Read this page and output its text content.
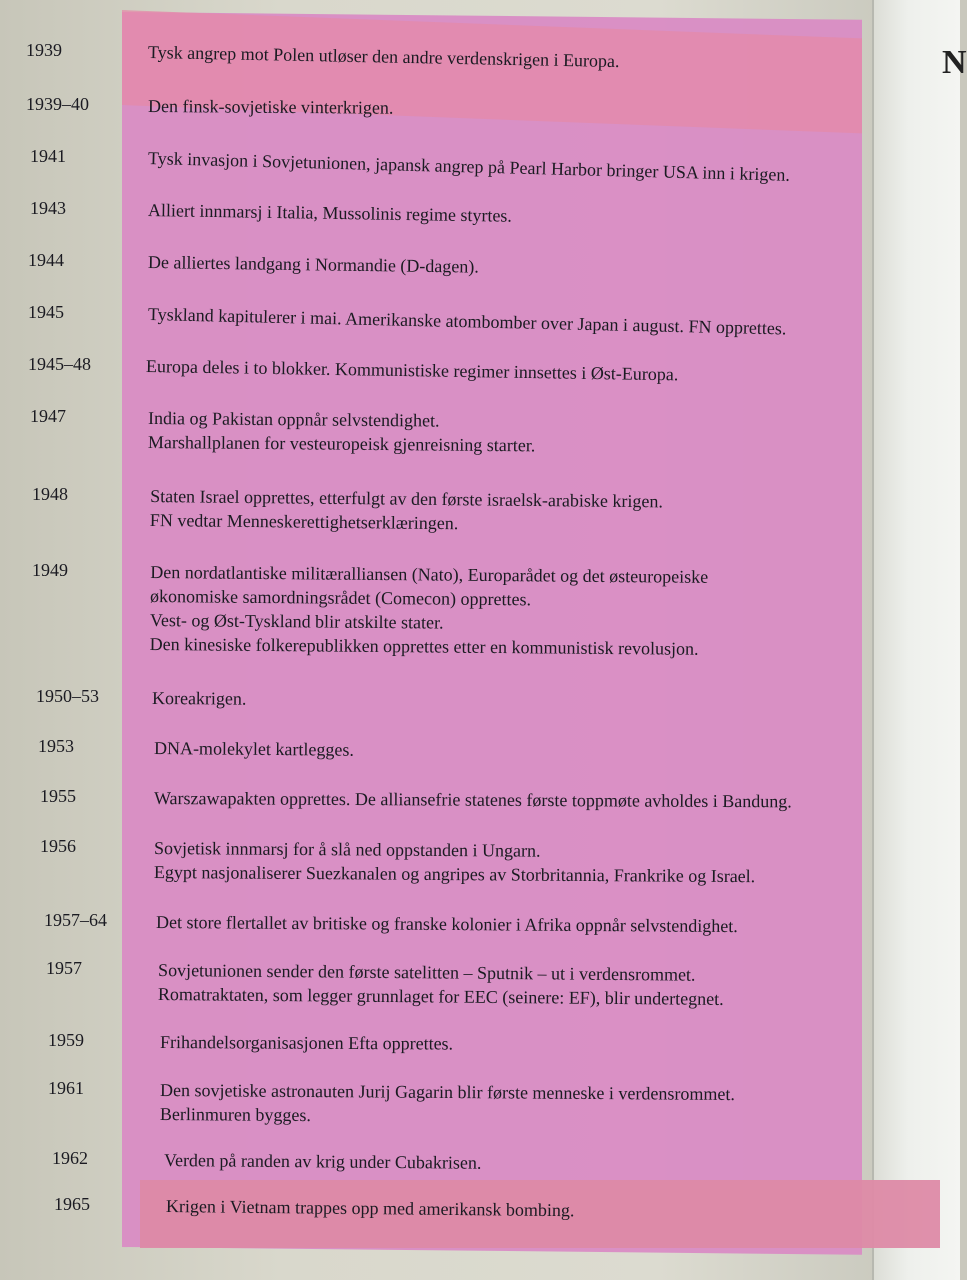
N
1939	Tysk angrep mot Polen utløser den andre verdenskrigen i Europa.
1939–40	Den finsk-sovjetiske vinterkrigen.
1941	Tysk invasjon i Sovjetunionen, japansk angrep på Pearl Harbor bringer USA inn i krigen.
1943	Alliert innmarsj i Italia, Mussolinis regime styrtes.
1944	De alliertes landgang i Normandie (D-dagen).
1945	Tyskland kapitulerer i mai. Amerikanske atombomber over Japan i august. FN opprettes.
1945–48	Europa deles i to blokker. Kommunistiske regimer innsettes i Øst-Europa.
1947	India og Pakistan oppnår selvstendighet.
Marshallplanen for vesteuropeisk gjenreisning starter.
1948	Staten Israel opprettes, etterfulgt av den første israelsk-arabiske krigen.
FN vedtar Menneskerettighetserklæringen.
1949	Den nordatlantiske militæralliansen (Nato), Europarådet og det østeuropeiske
økonomiske samordningsrådet (Comecon) opprettes.
Vest- og Øst-Tyskland blir atskilte stater.
Den kinesiske folkerepublikken opprettes etter en kommunistisk revolusjon.
1950–53	Koreakrigen.
1953	DNA-molekylet kartlegges.
1955	Warszawapakten opprettes. De alliansefrie statenes første toppmøte avholdes i Bandung.
1956	Sovjetisk innmarsj for å slå ned oppstanden i Ungarn.
Egypt nasjonaliserer Suezkanalen og angripes av Storbritannia, Frankrike og Israel.
1957–64	Det store flertallet av britiske og franske kolonier i Afrika oppnår selvstendighet.
1957	Sovjetunionen sender den første satelitten – Sputnik – ut i verdensrommet.
Romatraktaten, som legger grunnlaget for EEC (seinere: EF), blir undertegnet.
1959	Frihandelsorganisasjonen Efta opprettes.
1961	Den sovjetiske astronauten Jurij Gagarin blir første menneske i verdensrommet.
Berlinmuren bygges.
1962	Verden på randen av krig under Cubakrisen.
1965	Krigen i Vietnam trappes opp med amerikansk bombing.
